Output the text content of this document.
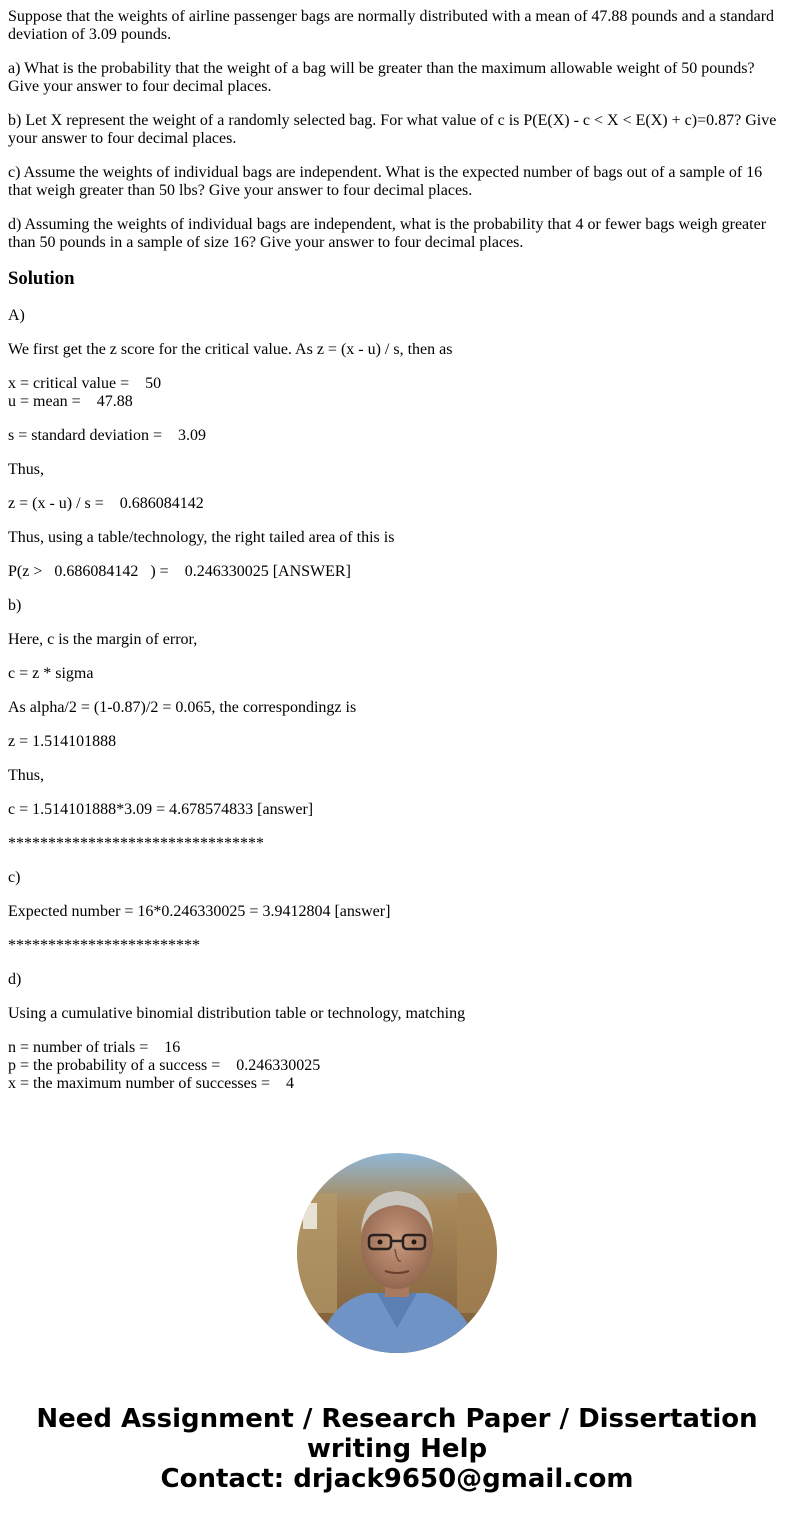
Suppose that the weights of airline passenger bags are normally distributed with a mean of 47.88 pounds and a standard deviation of 3.09 pounds.

a) What is the probability that the weight of a bag will be greater than the maximum allowable weight of 50 pounds? Give your answer to four decimal places.

b) Let X represent the weight of a randomly selected bag. For what value of c is P(E(X) - c < X < E(X) + c)=0.87? Give your answer to four decimal places.

c) Assume the weights of individual bags are independent. What is the expected number of bags out of a sample of 16 that weigh greater than 50 lbs? Give your answer to four decimal places.

d) Assuming the weights of individual bags are independent, what is the probability that 4 or fewer bags weigh greater than 50 pounds in a sample of size 16? Give your answer to four decimal places.

Solution

A)

We first get the z score for the critical value. As z = (x - u) / s, then as

x = critical value =    50

u = mean =    47.88

s = standard deviation =    3.09

Thus,

z = (x - u) / s =    0.686084142

Thus, using a table/technology, the right tailed area of this is

P(z >   0.686084142   ) =    0.246330025 [ANSWER]

b)

Here, c is the margin of error,

c = z * sigma

As alpha/2 = (1-0.87)/2 = 0.065, the correspondingz is

z = 1.514101888

Thus,

c = 1.514101888*3.09 = 4.678574833 [answer]

********************************

c)

Expected number = 16*0.246330025 = 3.9412804 [answer]

************************

d)

Using a cumulative binomial distribution table or technology, matching

n = number of trials =    16

p = the probability of a success =    0.246330025

x = the maximum number of successes =    4

Need Assignment / Research Paper / Dissertation
writing Help
Contact: drjack9650@gmail.com
